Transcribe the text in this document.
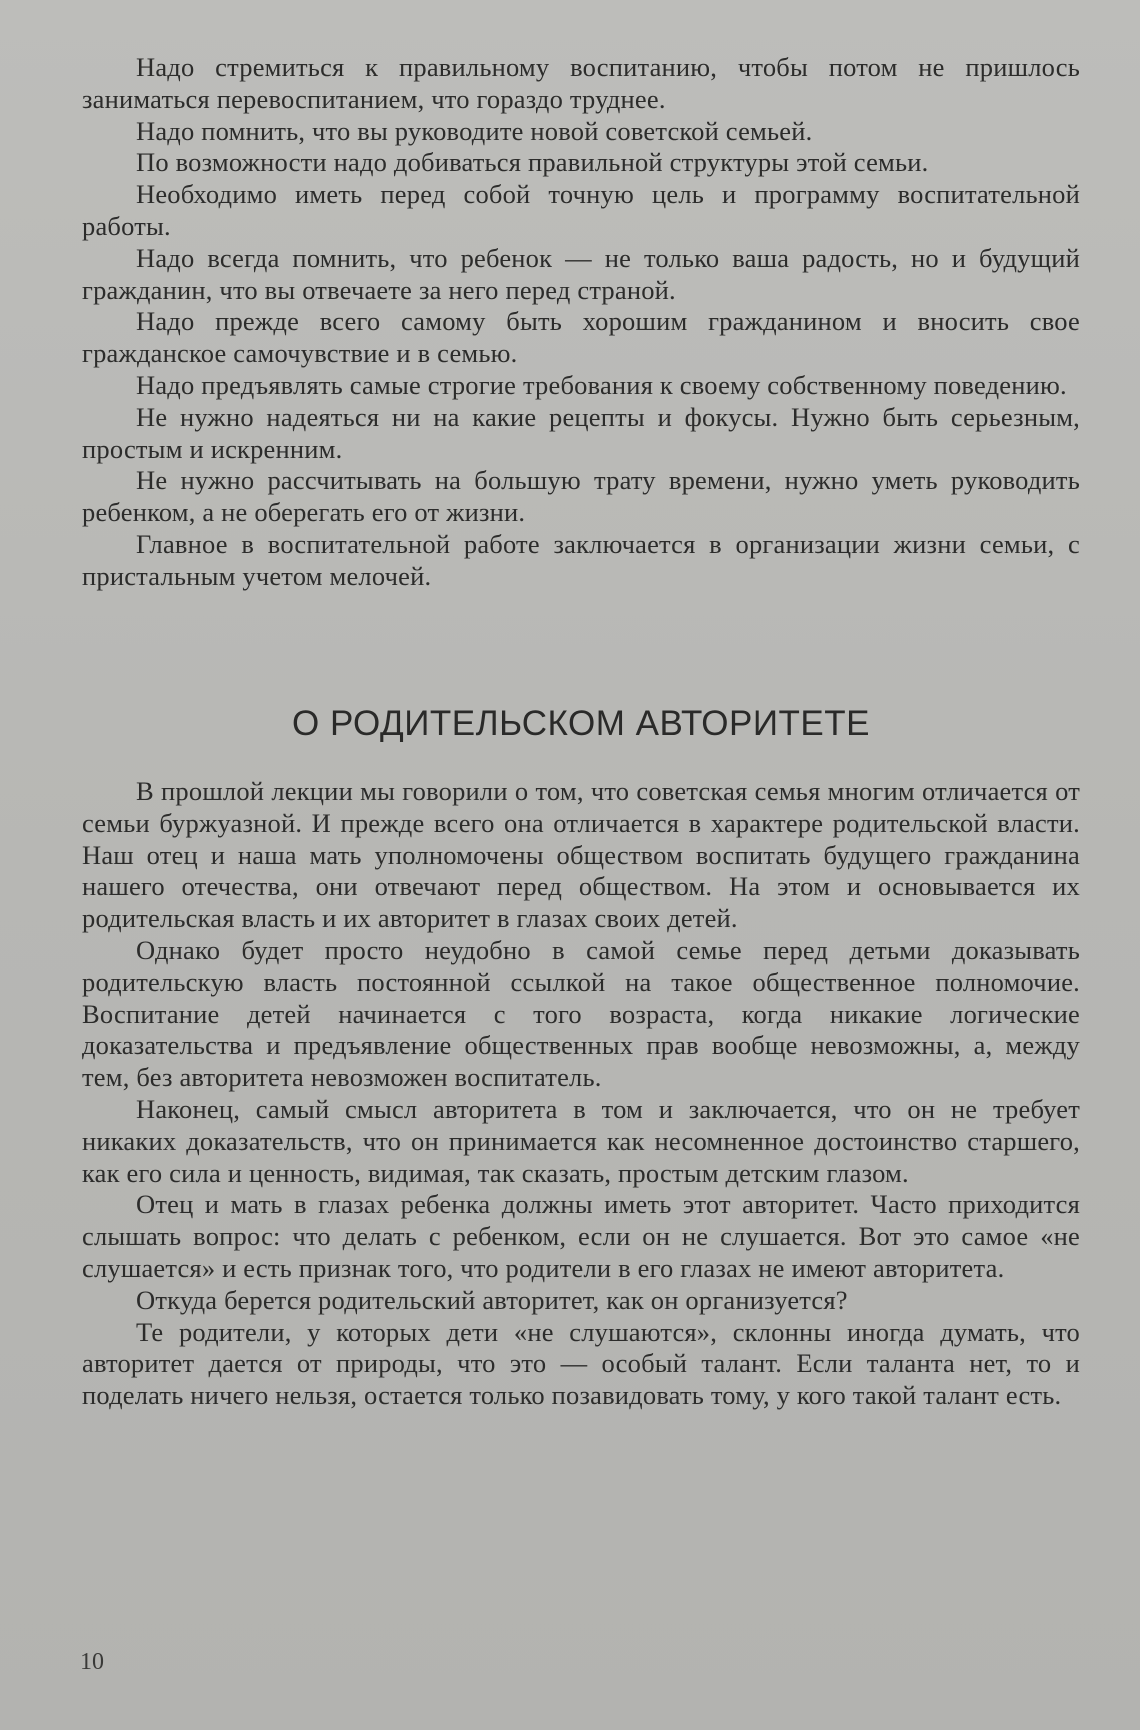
Надо стремиться к правильному воспитанию, чтобы потом не пришлось заниматься перевоспитанием, что гораздо труднее.

Надо помнить, что вы руководите новой советской семьей.

По возможности надо добиваться правильной структуры этой семьи.

Необходимо иметь перед собой точную цель и программу воспитательной работы.

Надо всегда помнить, что ребенок — не только ваша радость, но и будущий гражданин, что вы отвечаете за него перед страной.

Надо прежде всего самому быть хорошим гражданином и вносить свое гражданское самочувствие и в семью.

Надо предъявлять самые строгие требования к своему собственному поведению.

Не нужно надеяться ни на какие рецепты и фокусы. Нужно быть серьезным, простым и искренним.

Не нужно рассчитывать на большую трату времени, нужно уметь руководить ребенком, а не оберегать его от жизни.

Главное в воспитательной работе заключается в организации жизни семьи, с пристальным учетом мелочей.

О РОДИТЕЛЬСКОМ АВТОРИТЕТЕ

В прошлой лекции мы говорили о том, что советская семья многим отличается от семьи буржуазной. И прежде всего она отличается в характере родительской власти. Наш отец и наша мать уполномочены обществом воспитать будущего гражданина нашего отечества, они отвечают перед обществом. На этом и основывается их родительская власть и их авторитет в глазах своих детей.

Однако будет просто неудобно в самой семье перед детьми доказывать родительскую власть постоянной ссылкой на такое общественное полномочие. Воспитание детей начинается с того возраста, когда никакие логические доказательства и предъявление общественных прав вообще невозможны, а, между тем, без авторитета невозможен воспитатель.

Наконец, самый смысл авторитета в том и заключается, что он не требует никаких доказательств, что он принимается как несомненное достоинство старшего, как его сила и ценность, видимая, так сказать, простым детским глазом.

Отец и мать в глазах ребенка должны иметь этот авторитет. Часто приходится слышать вопрос: что делать с ребенком, если он не слушается. Вот это самое «не слушается» и есть признак того, что родители в его глазах не имеют авторитета.

Откуда берется родительский авторитет, как он организуется?

Те родители, у которых дети «не слушаются», склонны иногда думать, что авторитет дается от природы, что это — особый талант. Если таланта нет, то и поделать ничего нельзя, остается только позавидовать тому, у кого такой талант есть.

10
